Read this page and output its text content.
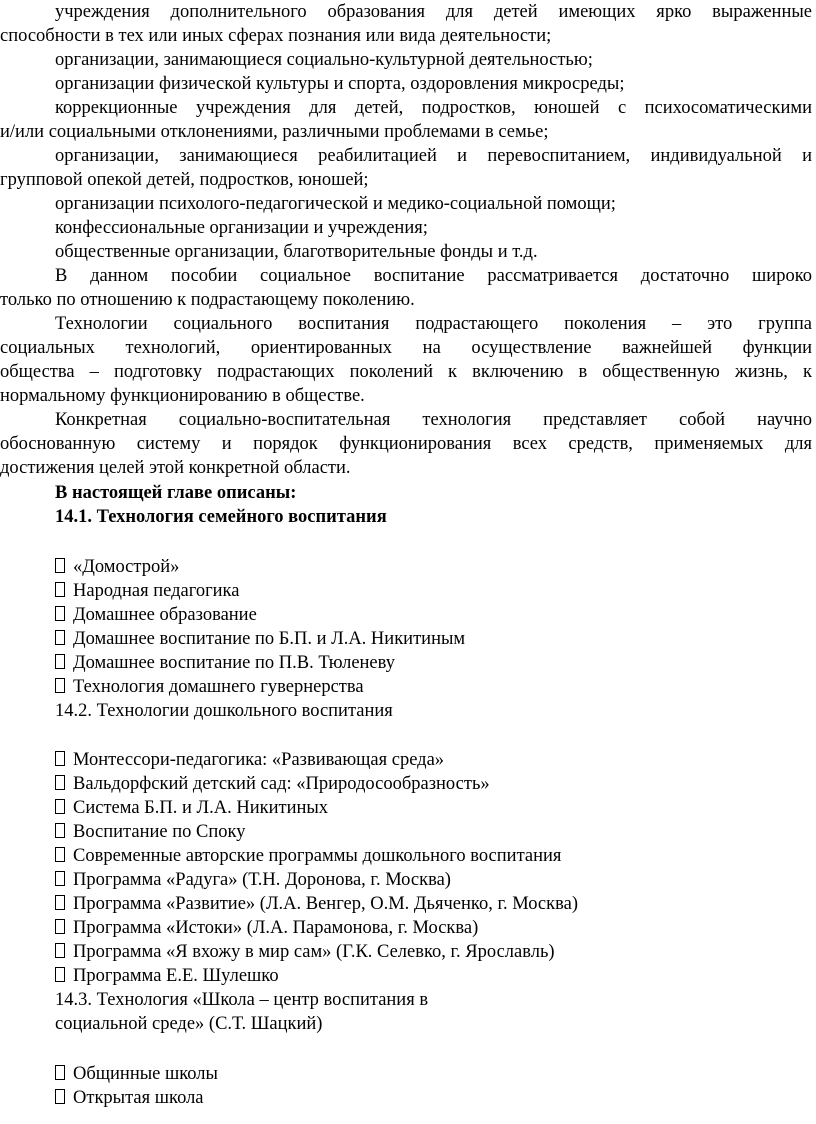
учреждения дополнительного образования для детей имеющих ярко выраженные
способности в тех или иных сферах познания или вида деятельности;
организации, занимающиеся социально-культурной деятельностью;
организации физической культуры и спорта, оздоровления микросреды;
коррекционные учреждения для детей, подростков, юношей с психосоматическими
и/или социальными отклонениями, различными проблемами в семье;
организации, занимающиеся реабилитацией и перевоспитанием, индивидуальной и
групповой опекой детей, подростков, юношей;
организации психолого-педагогической и медико-социальной помощи;
конфессиональные организации и учреждения;
общественные организации, благотворительные фонды и т.д.
В данном пособии социальное воспитание рассматривается достаточно широко
только по отношению к подрастающему поколению.
Технологии социального воспитания подрастающего поколения – это группа
социальных технологий, ориентированных на осуществление важнейшей функции
общества – подготовку подрастающих поколений к включению в общественную жизнь, к
нормальному функционированию в обществе.
Конкретная социально-воспитательная технология представляет собой научно
обоснованную систему и порядок функционирования всех средств, применяемых для
достижения целей этой конкретной области.
В настоящей главе описаны:
14.1. Технология семейного воспитания
«Домострой»
Народная педагогика
Домашнее образование
Домашнее воспитание по Б.П. и Л.А. Никитиным
Домашнее воспитание по П.В. Тюленеву
Технология домашнего гувернерства
14.2. Технологии дошкольного воспитания
Монтессори-педагогика: «Развивающая среда»
Вальдорфский детский сад: «Природосообразность»
Система Б.П. и Л.А. Никитиных
Воспитание по Споку
Современные авторские программы дошкольного воспитания
Программа «Радуга» (Т.Н. Доронова, г. Москва)
Программа «Развитие» (Л.А. Венгер, О.М. Дьяченко, г. Москва)
Программа «Истоки» (Л.А. Парамонова, г. Москва)
Программа «Я вхожу в мир сам» (Г.К. Селевко, г. Ярославль)
Программа Е.Е. Шулешко
14.3. Технология «Школа – центр воспитания в
социальной среде» (С.Т. Шацкий)
Общинные школы
Открытая школа
